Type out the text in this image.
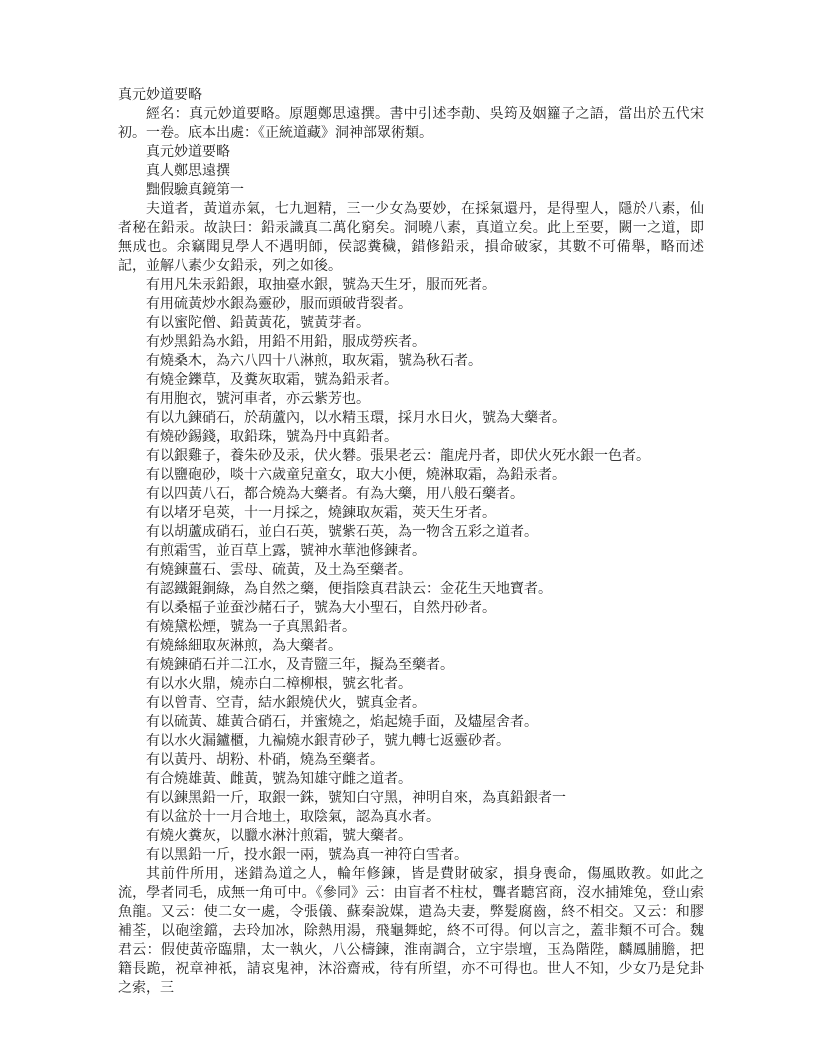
真元妙道要略

經名：真元妙道要略。原題鄭思遠撰。書中引述李勣、吳筠及姻籮子之語，當出於五代宋初。一卷。底本出處：《正統道藏》洞神部眾術類。

真元妙道要略

真人鄭思遠撰

黜假驗真鏡第一

夫道者，黃道赤氣，七九迴精，三一少女為要妙，在採氣還丹，是得聖人，隱於八素，仙者秘在鉛汞。故訣曰：鉛汞識真二萬化窮矣。洞曉八素，真道立矣。此上至要，闕一之道，即無成也。余竊聞見學人不遇明師，侯認糞穢，錯修鉛汞，損命破家，其數不可備舉，略而述記，並解八素少女鉛汞，列之如後。

有用凡朱汞鉛銀，取抽臺水銀，號為天生牙，服而死者。

有用硫黃炒水銀為靈砂，服而頭破背裂者。

有以蜜陀僧、鉛黃黃花，號黃芽者。

有炒黑鉛為水鉛，用鉛不用鉛，服成勞疾者。

有燒桑木，為六八四十八淋煎，取灰霜，號為秋石者。

有燒金鑠草，及糞灰取霜，號為鉛汞者。

有用胞衣，號河車者，亦云紫芳也。

有以九鍊硝石，於葫蘆內，以水精玉環，採月水日火，號為大藥者。

有燒砂錫錢，取鉛珠，號為丹中真鉛者。

有以銀雞子，養朱砂及汞，伏火礬。張果老云：龍虎丹者，即伏火死水銀一色者。

有以鹽砲砂，啖十六歲童兒童女，取大小便，燒淋取霜，為鉛汞者。

有以四黃八石，都合燒為大藥者。有為大藥，用八般石藥者。

有以堵牙皂莢，十一月採之，燒鍊取灰霜，莢天生牙者。

有以胡蘆成硝石，並白石英，號紫石英，為一物含五彩之道者。

有煎霜雪，並百草上露，號神水華池修鍊者。

有燒鍊薑石、雲母、硫黃，及土為至藥者。

有認鐵錕銅綠，為自然之藥，便指陰真君訣云：金花生天地寶者。

有以桑楅子並蚕沙赭石子，號為大小聖石，自然丹砂者。

有燒黛松煙，號為一子真黑鉛者。

有燒絲細取灰淋煎，為大藥者。

有燒鍊硝石并二江水，及青盬三年，擬為至藥者。

有以水火鼎，燒赤白二樟柳根，號玄牝者。

有以曾青、空青，結水銀燒伏火，號真金者。

有以硫黃、雄黃合硝石，并蜜燒之，焰起燒手面，及燼屋舍者。

有以水火漏鑪櫃，九褊燒水銀青砂子，號九轉七返靈砂者。

有以黃丹、胡粉、朴硝，燒為至藥者。

有合燒雄黃、雌黃，號為知雄守雌之道者。

有以鍊黑鉛一斤，取銀一銖，號知白守黑，神明自來，為真鉛銀者一

有以盆於十一月合地土，取陰氣，認為真水者。

有燒火糞灰，以臘水淋汁煎霜，號大藥者。

有以黑鉛一斤，投水銀一兩，號為真一神符白雪者。

其前件所用，迷錯為道之人，輪年修鍊，皆是費財破家，損身喪命，傷風敗教。如此之流，學者同毛，成無一角可中。《參同》云：由盲者不柱杖，聾者聽宮商，沒水捕雉兔，登山索魚龍。又云：使二女一處，令張儀、蘇秦說媒，遣為夫妻，弊髮腐齒，終不相交。又云：和膠補荃，以砲塗鐺，去玲加冰，除熱用湯，飛龜舞蛇，終不可得。何以言之，蓋非類不可合。魏君云：假使黃帝臨鼎，太一執火，八公檮鍊，淮南調合，立宇崇壇，玉為階陛，麟鳳脯膽，把籍長跪，祝章神祇，請哀鬼神，沐浴齋戒，待有所望，亦不可得也。世人不知，少女乃是兌卦之索，三
